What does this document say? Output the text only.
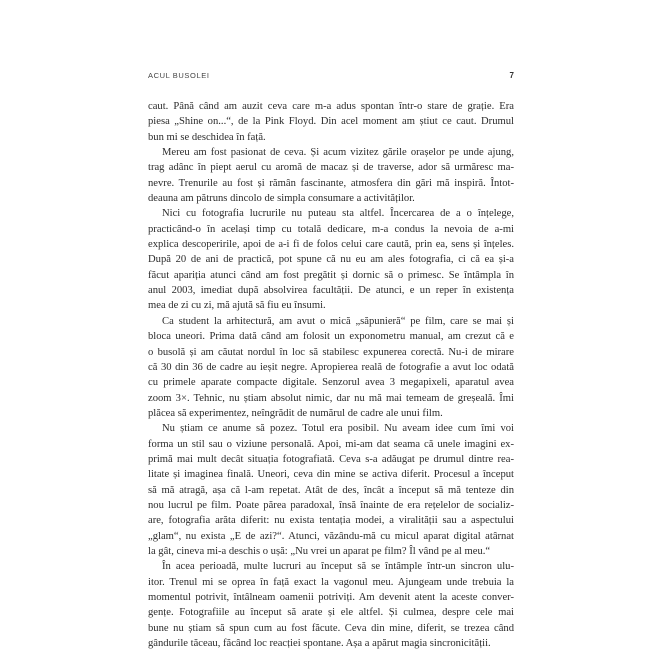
ACUL BUSOLEI	7
caut. Până când am auzit ceva care m-a adus spontan într-o stare de grație. Era
piesa „Shine on...“, de la Pink Floyd. Din acel moment am știut ce caut. Drumul
bun mi se deschidea în față.
Mereu am fost pasionat de ceva. Și acum vizitez gările orașelor pe unde ajung,
trag adânc în piept aerul cu aromă de macaz și de traverse, ador să urmăresc ma-
nevre. Trenurile au fost și rămân fascinante, atmosfera din gări mă inspiră. Întot-
deauna am pătruns dincolo de simpla consumare a activităților.
Nici cu fotografia lucrurile nu puteau sta altfel. Încercarea de a o înțelege,
practicând-o în același timp cu totală dedicare, m-a condus la nevoia de a-mi
explica descoperirile, apoi de a-i fi de folos celui care caută, prin ea, sens și înțeles.
După 20 de ani de practică, pot spune că nu eu am ales fotografia, ci că ea și-a
făcut apariția atunci când am fost pregătit și dornic să o primesc. Se întâmpla în
anul 2003, imediat după absolvirea facultății. De atunci, e un reper în existența
mea de zi cu zi, mă ajută să fiu eu însumi.
Ca student la arhitectură, am avut o mică „săpunieră“ pe film, care se mai și
bloca uneori. Prima dată când am folosit un exponometru manual, am crezut că e
o busolă și am căutat nordul în loc să stabilesc expunerea corectă. Nu-i de mirare
că 30 din 36 de cadre au ieșit negre. Apropierea reală de fotografie a avut loc odată
cu primele aparate compacte digitale. Senzorul avea 3 megapixeli, aparatul avea
zoom 3×. Tehnic, nu știam absolut nimic, dar nu mă mai temeam de greșeală. Îmi
plăcea să experimentez, neîngrădit de numărul de cadre ale unui film.
Nu știam ce anume să pozez. Totul era posibil. Nu aveam idee cum îmi voi
forma un stil sau o viziune personală. Apoi, mi-am dat seama că unele imagini ex-
primă mai mult decât situația fotografiată. Ceva s-a adăugat pe drumul dintre rea-
litate și imaginea finală. Uneori, ceva din mine se activa diferit. Procesul a început
să mă atragă, așa că l-am repetat. Atât de des, încât a început să mă tenteze din
nou lucrul pe film. Poate părea paradoxal, însă înainte de era rețelelor de socializ-
are, fotografia arăta diferit: nu exista tentația modei, a viralității sau a aspectului
„glam“, nu exista „E de azi?“. Atunci, văzându-mă cu micul aparat digital atârnat
la gât, cineva mi-a deschis o ușă: „Nu vrei un aparat pe film? Îl vând pe al meu.“
În acea perioadă, multe lucruri au început să se întâmple într-un sincron ulu-
itor. Trenul mi se oprea în față exact la vagonul meu. Ajungeam unde trebuia la
momentul potrivit, întâlneam oamenii potriviți. Am devenit atent la aceste conver-
gențe. Fotografiile au început să arate și ele altfel. Și culmea, despre cele mai
bune nu știam să spun cum au fost făcute. Ceva din mine, diferit, se trezea când
gândurile tăceau, făcând loc reacției spontane. Așa a apărut magia sincronicității.
